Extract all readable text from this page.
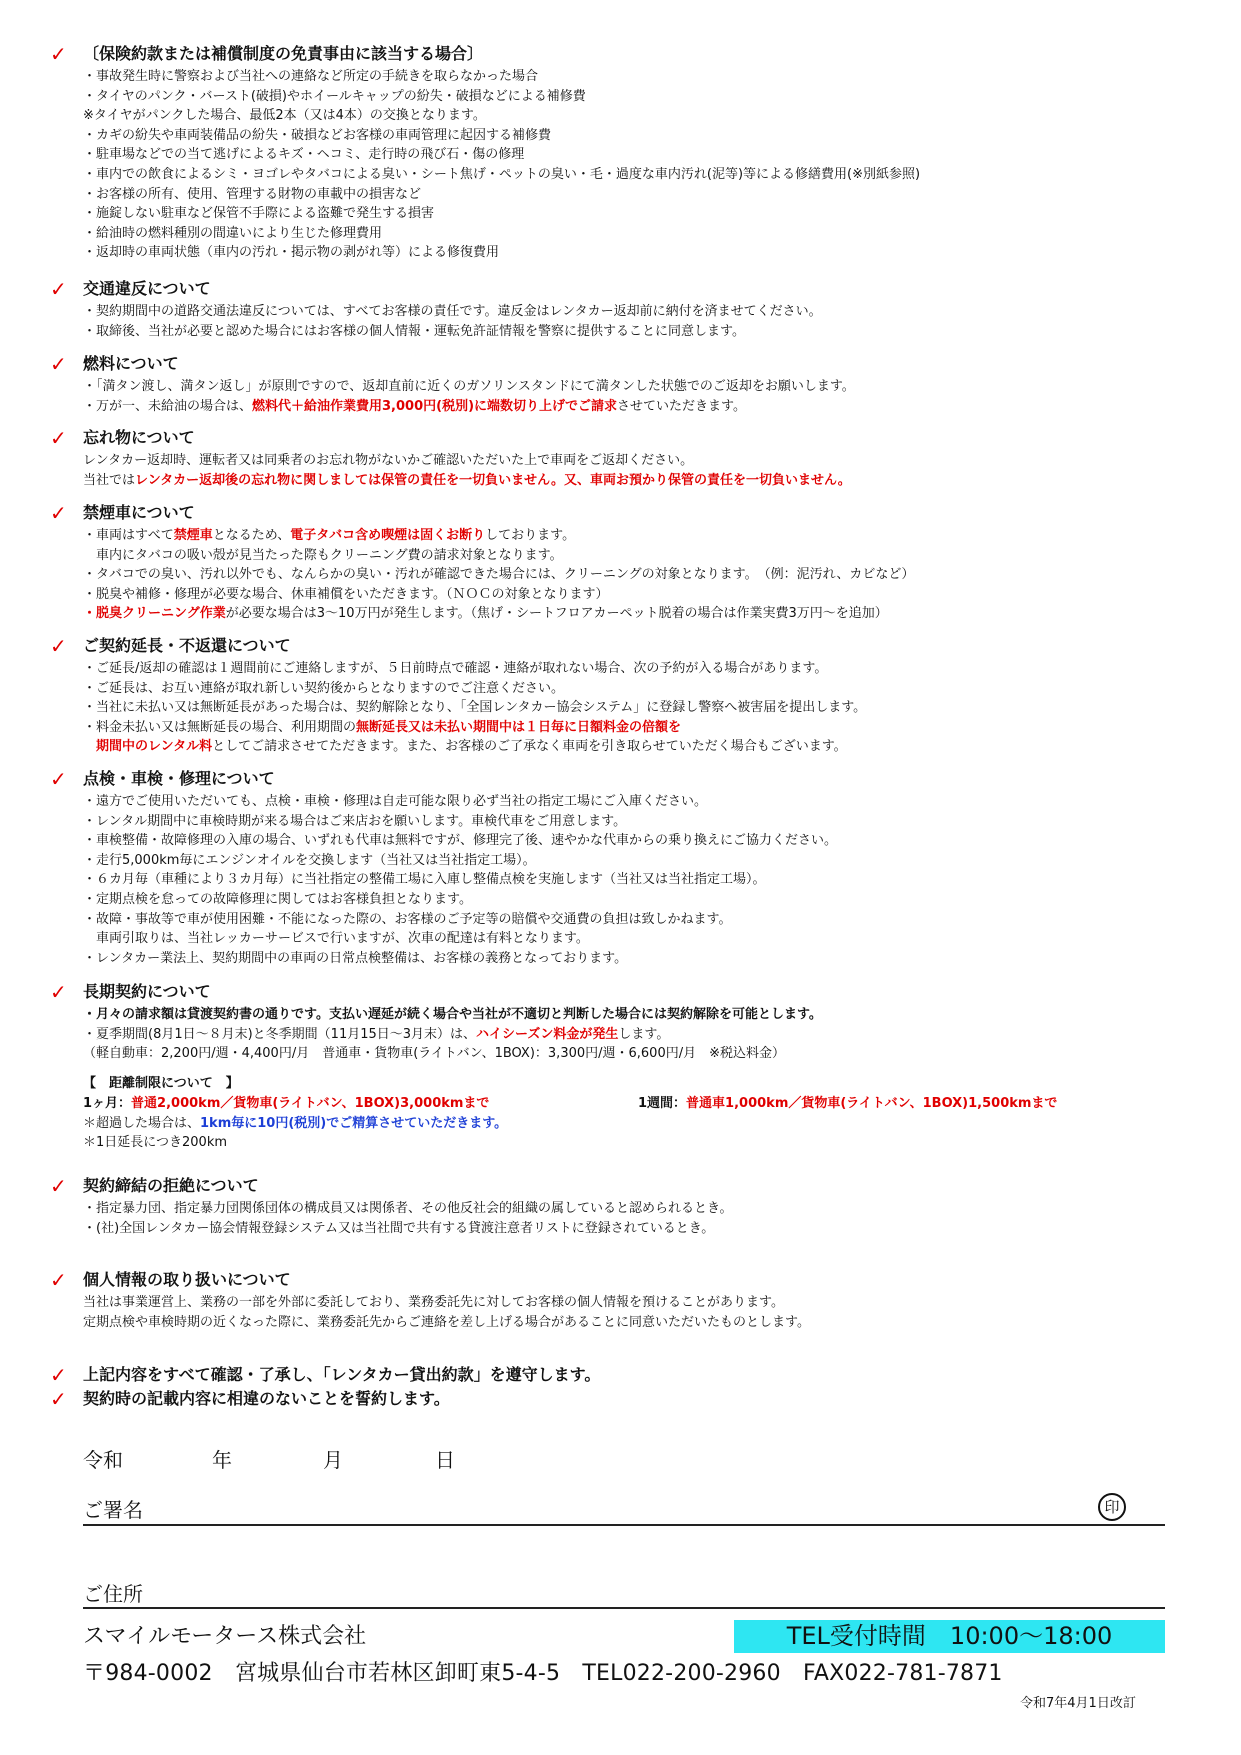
✓ 〔保険約款または補償制度の免責事由に該当する場合〕
・事故発生時に警察および当社への連絡など所定の手続きを取らなかった場合
・タイヤのパンク・バースト(破損)やホイールキャップの紛失・破損などによる補修費
※タイヤがパンクした場合、最低2本（又は4本）の交換となります。
・カギの紛失や車両装備品の紛失・破損などお客様の車両管理に起因する補修費
・駐車場などでの当て逃げによるキズ・ヘコミ、走行時の飛び石・傷の修理
・車内での飲食によるシミ・ヨゴレやタバコによる臭い・シート焦げ・ペットの臭い・毛・過度な車内汚れ(泥等)等による修繕費用(※別紙参照)
・お客様の所有、使用、管理する財物の車載中の損害など
・施錠しない駐車など保管不手際による盗難で発生する損害
・給油時の燃料種別の間違いにより生じた修理費用
・返却時の車両状態（車内の汚れ・掲示物の剥がれ等）による修復費用
✓ 交通違反について
・契約期間中の道路交通法違反については、すべてお客様の責任です。違反金はレンタカー返却前に納付を済ませてください。
・取締後、当社が必要と認めた場合にはお客様の個人情報・運転免許証情報を警察に提供することに同意します。
✓ 燃料について
・「満タン渡し、満タン返し」が原則ですので、返却直前に近くのガソリンスタンドにて満タンした状態でのご返却をお願いします。
・万が一、未給油の場合は、燃料代＋給油作業費用3,000円(税別)に端数切り上げでご請求させていただきます。
✓ 忘れ物について
レンタカー返却時、運転者又は同乗者のお忘れ物がないかご確認いただいた上で車両をご返却ください。
当社ではレンタカー返却後の忘れ物に関しましては保管の責任を一切負いません。又、車両お預かり保管の責任を一切負いません。
✓ 禁煙車について
・車両はすべて禁煙車となるため、電子タバコ含め喫煙は固くお断りしております。
　車内にタバコの吸い殻が見当たった際もクリーニング費の請求対象となります。
・タバコでの臭い、汚れ以外でも、なんらかの臭い・汚れが確認できた場合には、クリーニングの対象となります。　（例：泥汚れ、カビなど）
・脱臭や補修・修理が必要な場合、休車補償をいただきます。（ＮＯＣの対象となります）
・脱臭クリーニング作業が必要な場合は3～10万円が発生します。（焦げ・シートフロアカーペット脱着の場合は作業実費3万円～を追加）
✓ ご契約延長・不返還について
・ご延長/返却の確認は１週間前にご連絡しますが、５日前時点で確認・連絡が取れない場合、次の予約が入る場合があります。
・ご延長は、お互い連絡が取れ新しい契約後からとなりますのでご注意ください。
・当社に未払い又は無断延長があった場合は、契約解除となり、「全国レンタカー協会システム」に登録し警察へ被害届を提出します。
・料金未払い又は無断延長の場合、利用期間の無断延長又は未払い期間中は１日毎に日額料金の倍額を
　期間中のレンタル料としてご請求させてただきます。また、お客様のご了承なく車両を引き取らせていただく場合もございます。
✓ 点検・車検・修理について
・遠方でご使用いただいても、点検・車検・修理は自走可能な限り必ず当社の指定工場にご入庫ください。
・レンタル期間中に車検時期が来る場合はご来店おを願いします。車検代車をご用意します。
・車検整備・故障修理の入庫の場合、いずれも代車は無料ですが、修理完了後、速やかな代車からの乗り換えにご協力ください。
・走行5,000km毎にエンジンオイルを交換します（当社又は当社指定工場）。
・６カ月毎（車種により３カ月毎）に当社指定の整備工場に入庫し整備点検を実施します（当社又は当社指定工場）。
・定期点検を怠っての故障修理に関してはお客様負担となります。
・故障・事故等で車が使用困難・不能になった際の、お客様のご予定等の賠償や交通費の負担は致しかねます。
　車両引取りは、当社レッカーサービスで行いますが、次車の配達は有料となります。
・レンタカー業法上、契約期間中の車両の日常点検整備は、お客様の義務となっております。
✓ 長期契約について
・月々の請求額は貸渡契約書の通りです。支払い遅延が続く場合や当社が不適切と判断した場合には契約解除を可能とします。
・夏季期間(8月1日～８月末)と冬季期間（11月15日～3月末）は、ハイシーズン料金が発生します。
（軽自動車：2,200円/週・4,400円/月　普通車・貨物車(ライトバン、1BOX)：3,300円/週・6,600円/月　※税込料金）
【　距離制限について　】
1ヶ月：普通2,000km／貨物車(ライトバン、1BOX)3,000kmまで	1週間：普通車1,000km／貨物車(ライトバン、1BOX)1,500kmまで
＊超過した場合は、1km毎に10円(税別)でご精算させていただきます。
＊1日延長につき200km
✓ 契約締結の拒絶について
・指定暴力団、指定暴力団関係団体の構成員又は関係者、その他反社会的組織の属していると認められるとき。
・(社)全国レンタカー協会情報登録システム又は当社間で共有する貸渡注意者リストに登録されているとき。
✓ 個人情報の取り扱いについて
当社は事業運営上、業務の一部を外部に委託しており、業務委託先に対してお客様の個人情報を預けることがあります。
定期点検や車検時期の近くなった際に、業務委託先からご連絡を差し上げる場合があることに同意いただいたものとします。
✓ 上記内容をすべて確認・了承し、「レンタカー貸出約款」を遵守します。
✓ 契約時の記載内容に相違のないことを誓約します。
令和	年	月	日
ご署名	印
ご住所
スマイルモータース株式会社	TEL受付時間　10:00～18:00
〒984-0002　宮城県仙台市若林区卸町東5-4-5　TEL022-200-2960　FAX022-781-7871
令和7年4月1日改訂
